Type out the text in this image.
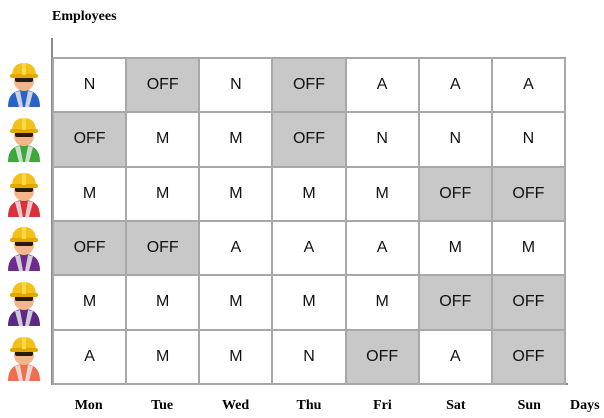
Employees
N	OFF	N	OFF	A	A	A
OFF	M	M	OFF	N	N	N
M	M	M	M	M	OFF	OFF
OFF	OFF	A	A	A	M	M
M	M	M	M	M	OFF	OFF
A	M	M	N	OFF	A	OFF
Mon	Tue	Wed	Thu	Fri	Sat	Sun	Days
